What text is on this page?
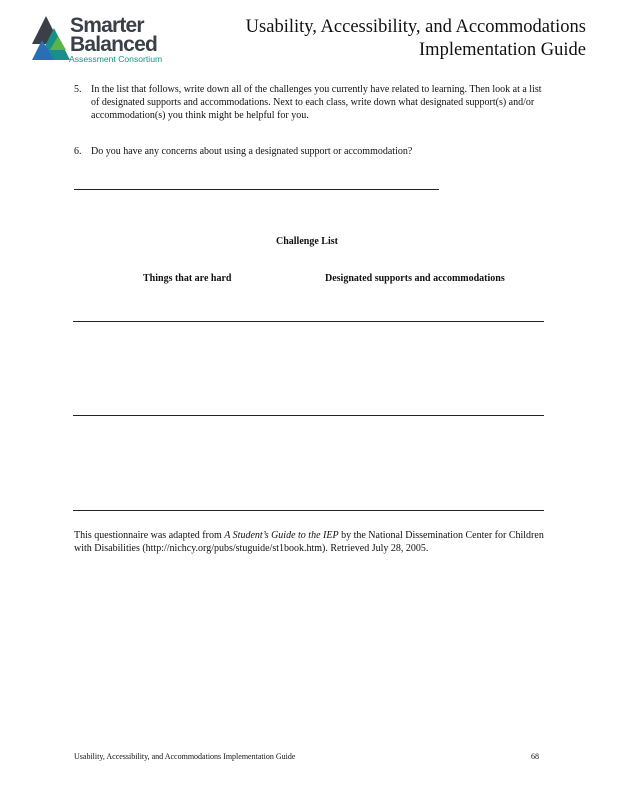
Smarter
Balanced
Assessment Consortium
Usability, Accessibility, and Accommodations
Implementation Guide
5. In the list that follows, write down all of the challenges you currently have related to learning. Then look at a list of designated supports and accommodations. Next to each class, write down what designated support(s) and/or accommodation(s) you think might be helpful for you.
6. Do you have any concerns about using a designated support or accommodation?
Challenge List
Things that are hard	Designated supports and accommodations
This questionnaire was adapted from A Student’s Guide to the IEP by the National Dissemination Center for Children with Disabilities (http://nichcy.org/pubs/stuguide/st1book.htm). Retrieved July 28, 2005.
Usability, Accessibility, and Accommodations Implementation Guide	68
